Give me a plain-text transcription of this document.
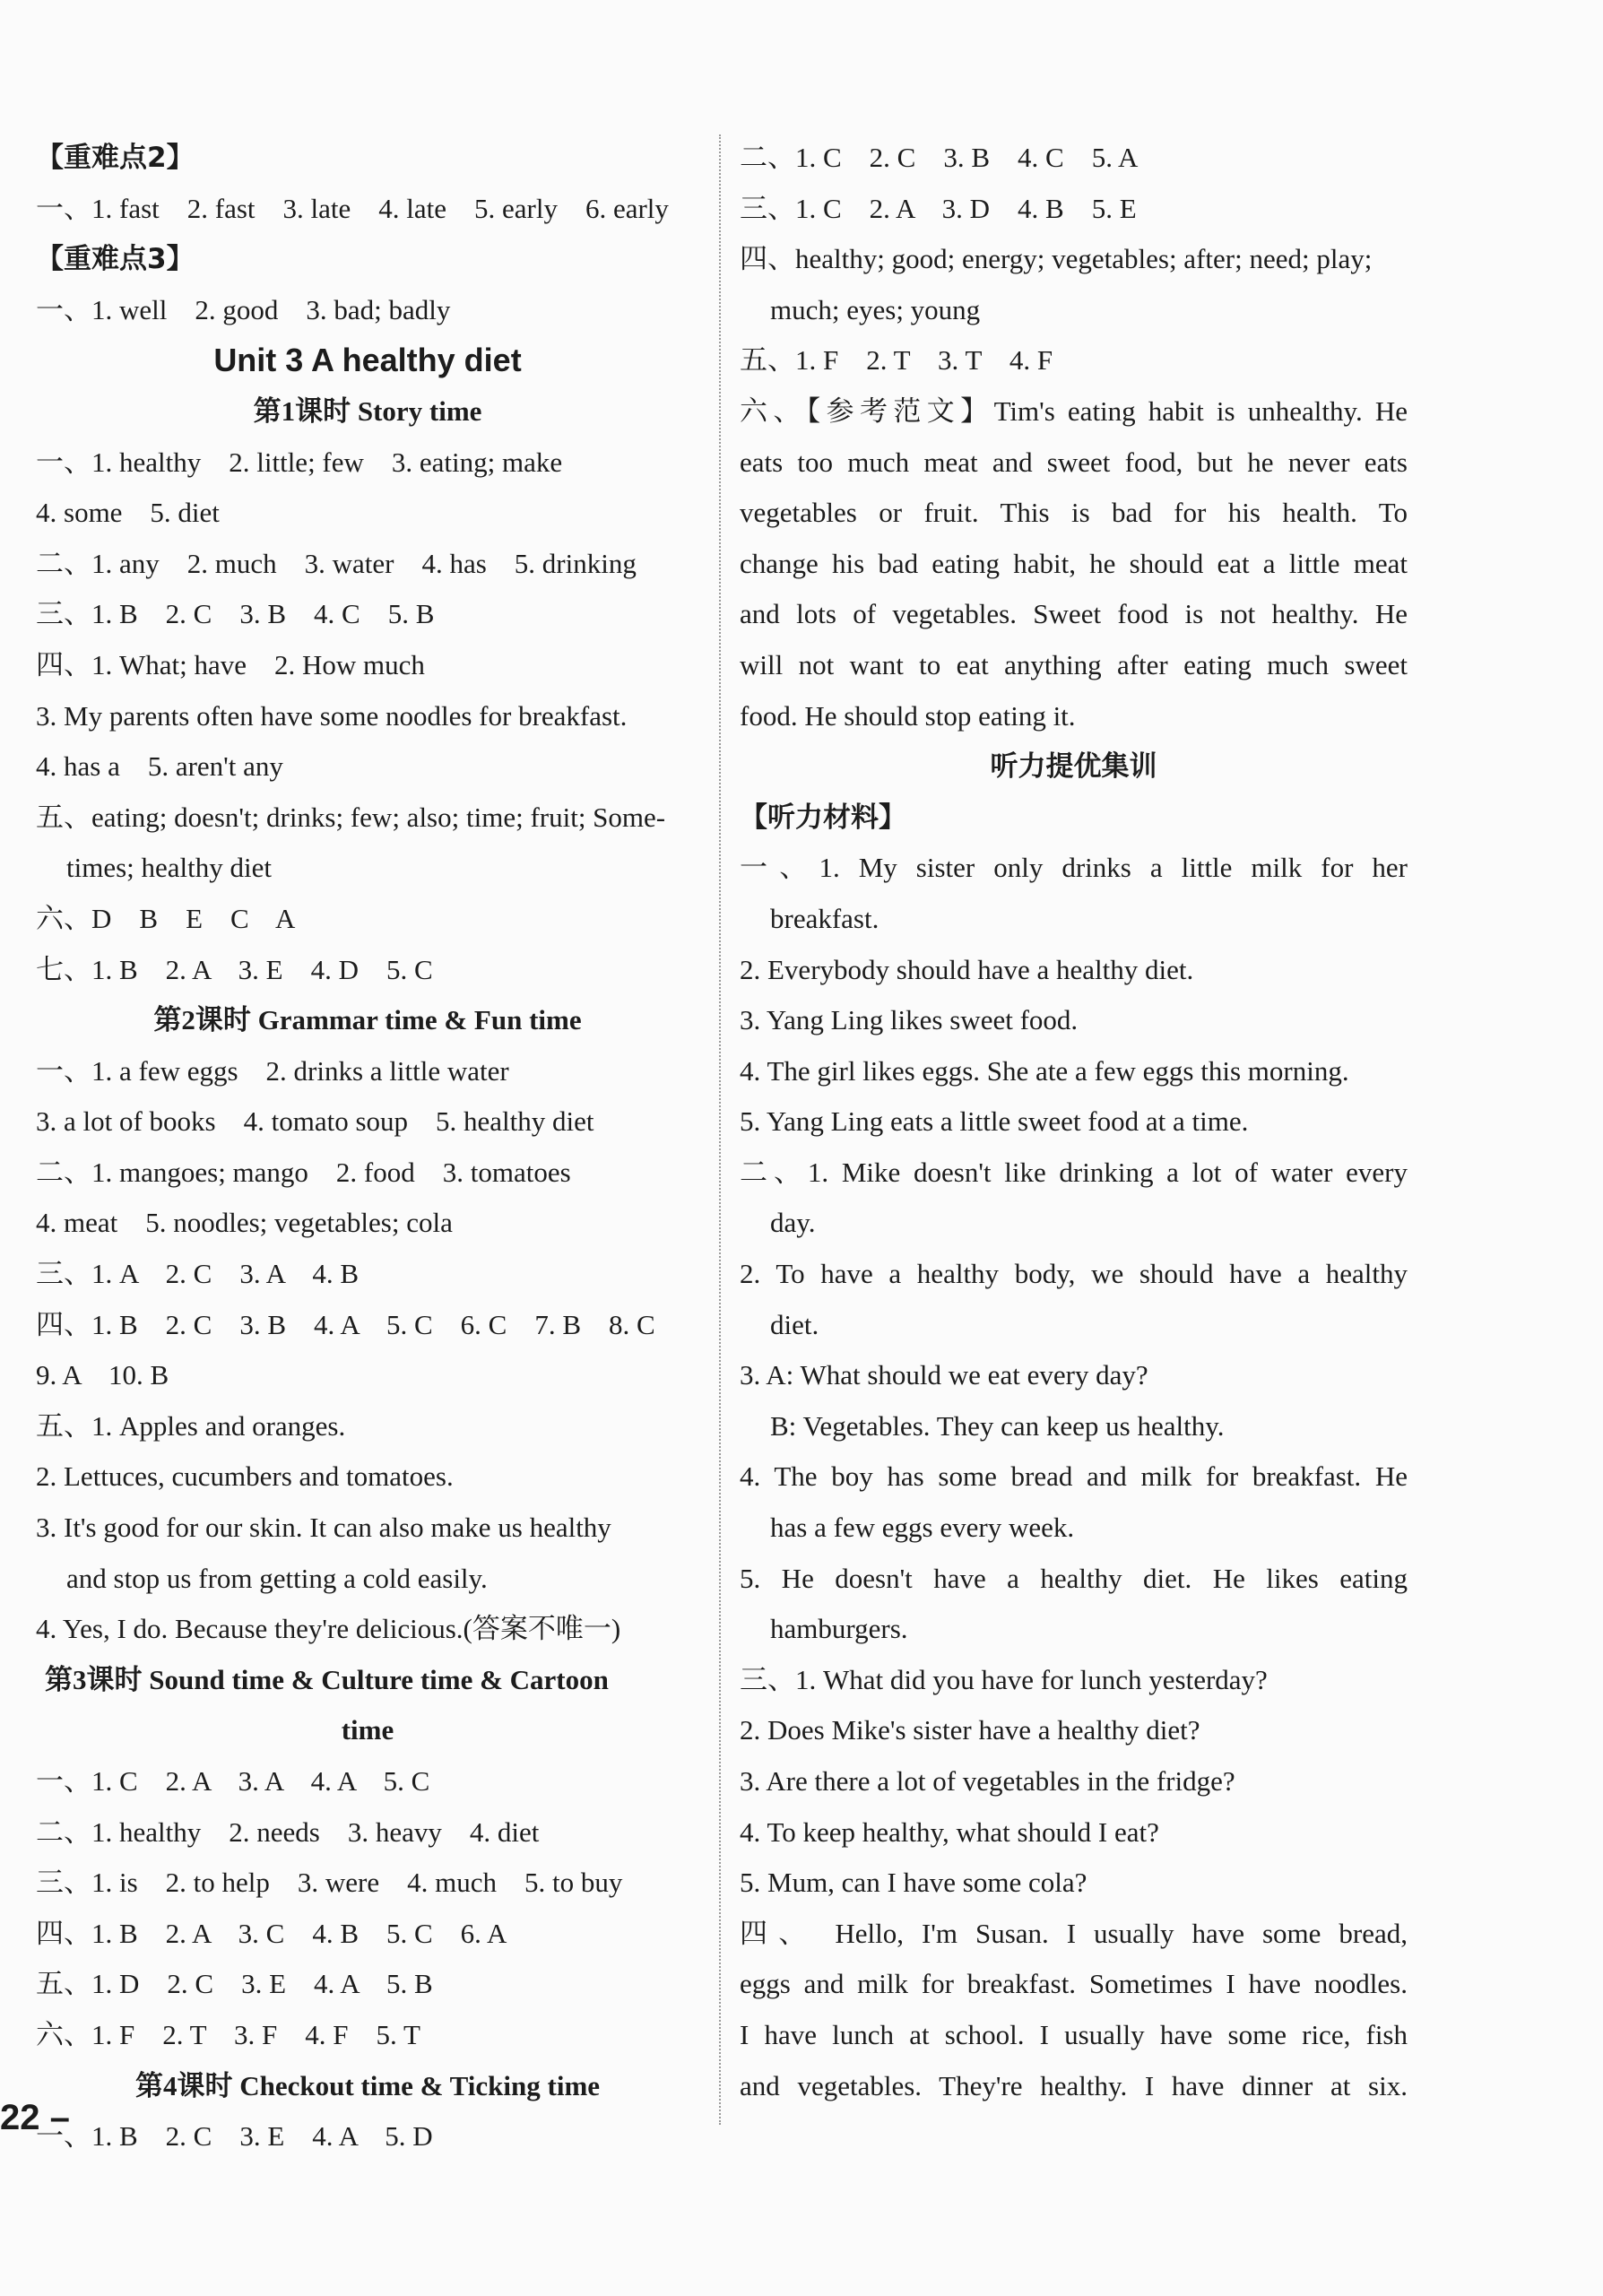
【重难点2】
一、1. fast    2. fast    3. late    4. late    5. early    6. early
【重难点3】
一、1. well    2. good    3. bad; badly
Unit 3 A healthy diet
第1课时 Story time
一、1. healthy    2. little; few    3. eating; make
4. some    5. diet
二、1. any    2. much    3. water    4. has    5. drinking
三、1. B    2. C    3. B    4. C    5. B
四、1. What; have    2. How much
3. My parents often have some noodles for breakfast.
4. has a    5. aren't any
五、eating; doesn't; drinks; few; also; time; fruit; Some-
times; healthy diet
六、D    B    E    C    A
七、1. B    2. A    3. E    4. D    5. C
第2课时 Grammar time & Fun time
一、1. a few eggs    2. drinks a little water
3. a lot of books    4. tomato soup    5. healthy diet
二、1. mangoes; mango    2. food    3. tomatoes
4. meat    5. noodles; vegetables; cola
三、1. A    2. C    3. A    4. B
四、1. B    2. C    3. B    4. A    5. C    6. C    7. B    8. C
9. A    10. B
五、1. Apples and oranges.
2. Lettuces, cucumbers and tomatoes.
3. It's good for our skin. It can also make us healthy
and stop us from getting a cold easily.
4. Yes, I do. Because they're delicious.(答案不唯一)
第3课时 Sound time & Culture time & Cartoon
time
一、1. C    2. A    3. A    4. A    5. C
二、1. healthy    2. needs    3. heavy    4. diet
三、1. is    2. to help    3. were    4. much    5. to buy
四、1. B    2. A    3. C    4. B    5. C    6. A
五、1. D    2. C    3. E    4. A    5. B
六、1. F    2. T    3. F    4. F    5. T
第4课时 Checkout time & Ticking time
一、1. B    2. C    3. E    4. A    5. D
二、1. C    2. C    3. B    4. C    5. A
三、1. C    2. A    3. D    4. B    5. E
四、healthy; good; energy; vegetables; after; need; play;
much; eyes; young
五、1. F    2. T    3. T    4. F
六、【参考范文】Tim's eating habit is unhealthy. He
eats too much meat and sweet food, but he never eats
vegetables or fruit. This is bad for his health. To
change his bad eating habit, he should eat a little meat
and lots of vegetables. Sweet food is not healthy. He
will not want to eat anything after eating much sweet
food. He should stop eating it.
听力提优集训
【听力材料】
一、1. My sister only drinks a little milk for her
breakfast.
2. Everybody should have a healthy diet.
3. Yang Ling likes sweet food.
4. The girl likes eggs. She ate a few eggs this morning.
5. Yang Ling eats a little sweet food at a time.
二、1. Mike doesn't like drinking a lot of water every
day.
2. To have a healthy body, we should have a healthy
diet.
3. A: What should we eat every day?
B: Vegetables. They can keep us healthy.
4. The boy has some bread and milk for breakfast. He
has a few eggs every week.
5. He doesn't have a healthy diet. He likes eating
hamburgers.
三、1. What did you have for lunch yesterday?
2. Does Mike's sister have a healthy diet?
3. Are there a lot of vegetables in the fridge?
4. To keep healthy, what should I eat?
5. Mum, can I have some cola?
四、 Hello, I'm Susan. I usually have some bread,
eggs and milk for breakfast. Sometimes I have noodles.
I have lunch at school. I usually have some rice, fish
and vegetables. They're healthy. I have dinner at six.
22 –
